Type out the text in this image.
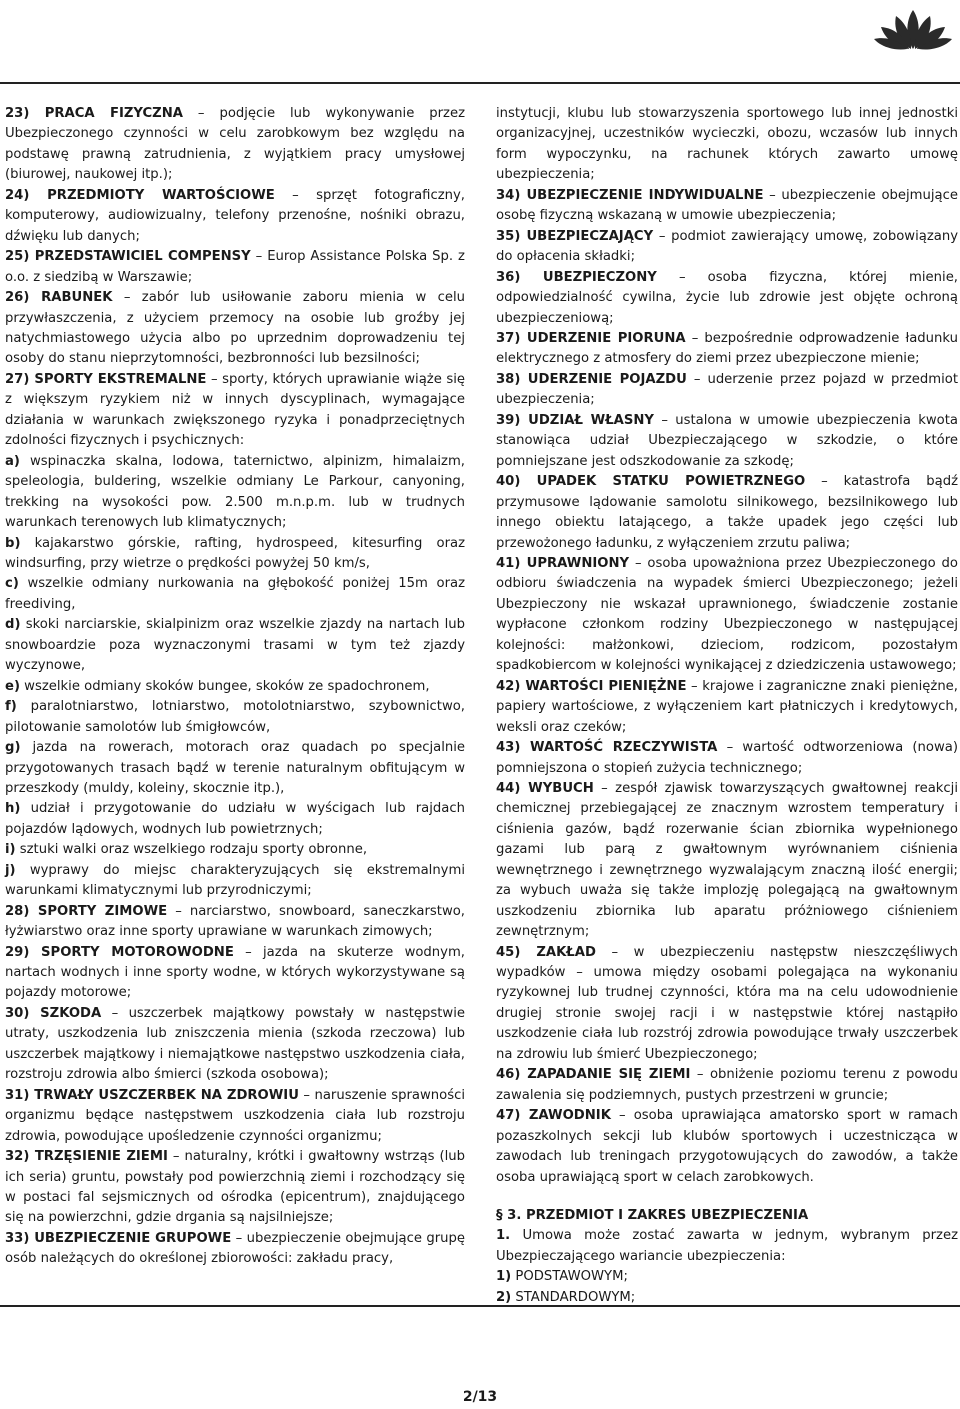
23) PRACA FIZYCZNA – podjęcie lub wykonywanie przez Ubezpieczonego czynności w celu zarobkowym bez względu na podstawę prawną zatrudnienia, z wyjątkiem pracy umysłowej (biurowej, naukowej itp.);

24) PRZEDMIOTY WARTOŚCIOWE – sprzęt fotograficzny, komputerowy, audiowizualny, telefony przenośne, nośniki obrazu, dźwięku lub danych;

25) PRZEDSTAWICIEL COMPENSY – Europ Assistance Polska Sp. z o.o. z siedzibą w Warszawie;

26) RABUNEK – zabór lub usiłowanie zaboru mienia w celu przywłaszczenia, z użyciem przemocy na osobie lub groźby jej natychmiastowego użycia albo po uprzednim doprowadzeniu tej osoby do stanu nieprzytomności, bezbronności lub bezsilności;

27) SPORTY EKSTREMALNE – sporty, których uprawianie wiąże się z większym ryzykiem niż w innych dyscyplinach, wymagające działania w warunkach zwiększonego ryzyka i ponadprzeciętnych zdolności fizycznych i psychicznych:

a) wspinaczka skalna, lodowa, taternictwo, alpinizm, himalaizm, speleologia, buldering, wszelkie odmiany Le Parkour, canyoning, trekking na wysokości pow. 2.500 m.n.p.m. lub w trudnych warunkach terenowych lub klimatycznych;

b) kajakarstwo górskie, rafting, hydrospeed, kitesurfing oraz windsurfing, przy wietrze o prędkości powyżej 50 km/s,

c) wszelkie odmiany nurkowania na głębokość poniżej 15m oraz freediving,

d) skoki narciarskie, skialpinizm oraz wszelkie zjazdy na nartach lub snowboardzie poza wyznaczonymi trasami w tym też zjazdy wyczynowe,

e) wszelkie odmiany skoków bungee, skoków ze spadochronem,

f) paralotniarstwo, lotniarstwo, motolotniarstwo, szybownictwo, pilotowanie samolotów lub śmigłowców,

g) jazda na rowerach, motorach oraz quadach po specjalnie przygotowanych trasach bądź w terenie naturalnym obfitującym w przeszkody (muldy, koleiny, skocznie itp.),

h) udział i przygotowanie do udziału w wyścigach lub rajdach pojazdów lądowych, wodnych lub powietrznych;

i) sztuki walki oraz wszelkiego rodzaju sporty obronne,

j) wyprawy do miejsc charakteryzujących się ekstremalnymi warunkami klimatycznymi lub przyrodniczymi;

28) SPORTY ZIMOWE – narciarstwo, snowboard, saneczkarstwo, łyżwiarstwo oraz inne sporty uprawiane w warunkach zimowych;

29) SPORTY MOTOROWODNE – jazda na skuterze wodnym, nartach wodnych i inne sporty wodne, w których wykorzystywane są pojazdy motorowe;

30) SZKODA – uszczerbek majątkowy powstały w następstwie utraty, uszkodzenia lub zniszczenia mienia (szkoda rzeczowa) lub uszczerbek majątkowy i niemajątkowe następstwo uszkodzenia ciała, rozstroju zdrowia albo śmierci (szkoda osobowa);

31) TRWAŁY USZCZERBEK NA ZDROWIU – naruszenie sprawności organizmu będące następstwem uszkodzenia ciała lub rozstroju zdrowia, powodujące upośledzenie czynności organizmu;

32) TRZĘSIENIE ZIEMI – naturalny, krótki i gwałtowny wstrząs (lub ich seria) gruntu, powstały pod powierzchnią ziemi i rozchodzący się w postaci fal sejsmicznych od ośrodka (epicentrum), znajdującego się na powierzchni, gdzie drgania są najsilniejsze;

33) UBEZPIECZENIE GRUPOWE – ubezpieczenie obejmujące grupę osób należących do określonej zbiorowości: zakładu pracy,

instytucji, klubu lub stowarzyszenia sportowego lub innej jednostki organizacyjnej, uczestników wycieczki, obozu, wczasów lub innych form wypoczynku, na rachunek których zawarto umowę ubezpieczenia;

34) UBEZPIECZENIE INDYWIDUALNE – ubezpieczenie obejmujące osobę fizyczną wskazaną w umowie ubezpieczenia;

35) UBEZPIECZAJĄCY – podmiot zawierający umowę, zobowiązany do opłacenia składki;

36) UBEZPIECZONY – osoba fizyczna, której mienie, odpowiedzialność cywilna, życie lub zdrowie jest objęte ochroną ubezpieczeniową;

37) UDERZENIE PIORUNA – bezpośrednie odprowadzenie ładunku elektrycznego z atmosfery do ziemi przez ubezpieczone mienie;

38) UDERZENIE POJAZDU – uderzenie przez pojazd w przedmiot ubezpieczenia;

39) UDZIAŁ WŁASNY – ustalona w umowie ubezpieczenia kwota stanowiąca udział Ubezpieczającego w szkodzie, o które pomniejszane jest odszkodowanie za szkodę;

40) UPADEK STATKU POWIETRZNEGO – katastrofa bądź przymusowe lądowanie samolotu silnikowego, bezsilnikowego lub innego obiektu latającego, a także upadek jego części lub przewożonego ładunku, z wyłączeniem zrzutu paliwa;

41) UPRAWNIONY – osoba upoważniona przez Ubezpieczonego do odbioru świadczenia na wypadek śmierci Ubezpieczonego; jeżeli Ubezpieczony nie wskazał uprawnionego, świadczenie zostanie wypłacone członkom rodziny Ubezpieczonego w następującej kolejności: małżonkowi, dzieciom, rodzicom, pozostałym spadkobiercom w kolejności wynikającej z dziedziczenia ustawowego;

42) WARTOŚCI PIENIĘŻNE – krajowe i zagraniczne znaki pieniężne, papiery wartościowe, z wyłączeniem kart płatniczych i kredytowych, weksli oraz czeków;

43) WARTOŚĆ RZECZYWISTA – wartość odtworzeniowa (nowa) pomniejszona o stopień zużycia technicznego;

44) WYBUCH – zespół zjawisk towarzyszących gwałtownej reakcji chemicznej przebiegającej ze znacznym wzrostem temperatury i ciśnienia gazów, bądź rozerwanie ścian zbiornika wypełnionego gazami lub parą z gwałtownym wyrównaniem ciśnienia wewnętrznego i zewnętrznego wyzwalającym znaczną ilość energii; za wybuch uważa się także implozję polegającą na gwałtownym uszkodzeniu zbiornika lub aparatu próżniowego ciśnieniem zewnętrznym;

45) ZAKŁAD – w ubezpieczeniu następstw nieszczęśliwych wypadków – umowa między osobami polegająca na wykonaniu ryzykownej lub trudnej czynności, która ma na celu udowodnienie drugiej stronie swojej racji i w następstwie której nastąpiło uszkodzenie ciała lub rozstrój zdrowia powodujące trwały uszczerbek na zdrowiu lub śmierć Ubezpieczonego;

46) ZAPADANIE SIĘ ZIEMI – obniżenie poziomu terenu z powodu zawalenia się podziemnych, pustych przestrzeni w gruncie;

47) ZAWODNIK – osoba uprawiająca amatorsko sport w ramach pozaszkolnych sekcji lub klubów sportowych i uczestnicząca w zawodach lub treningach przygotowujących do zawodów, a także osoba uprawiającą sport w celach zarobkowych.

§ 3. PRZEDMIOT I ZAKRES UBEZPIECZENIA

1. Umowa może zostać zawarta w jednym, wybranym przez Ubezpieczającego wariancie ubezpieczenia:

1) PODSTAWOWYM;

2) STANDARDOWYM;

2/13
